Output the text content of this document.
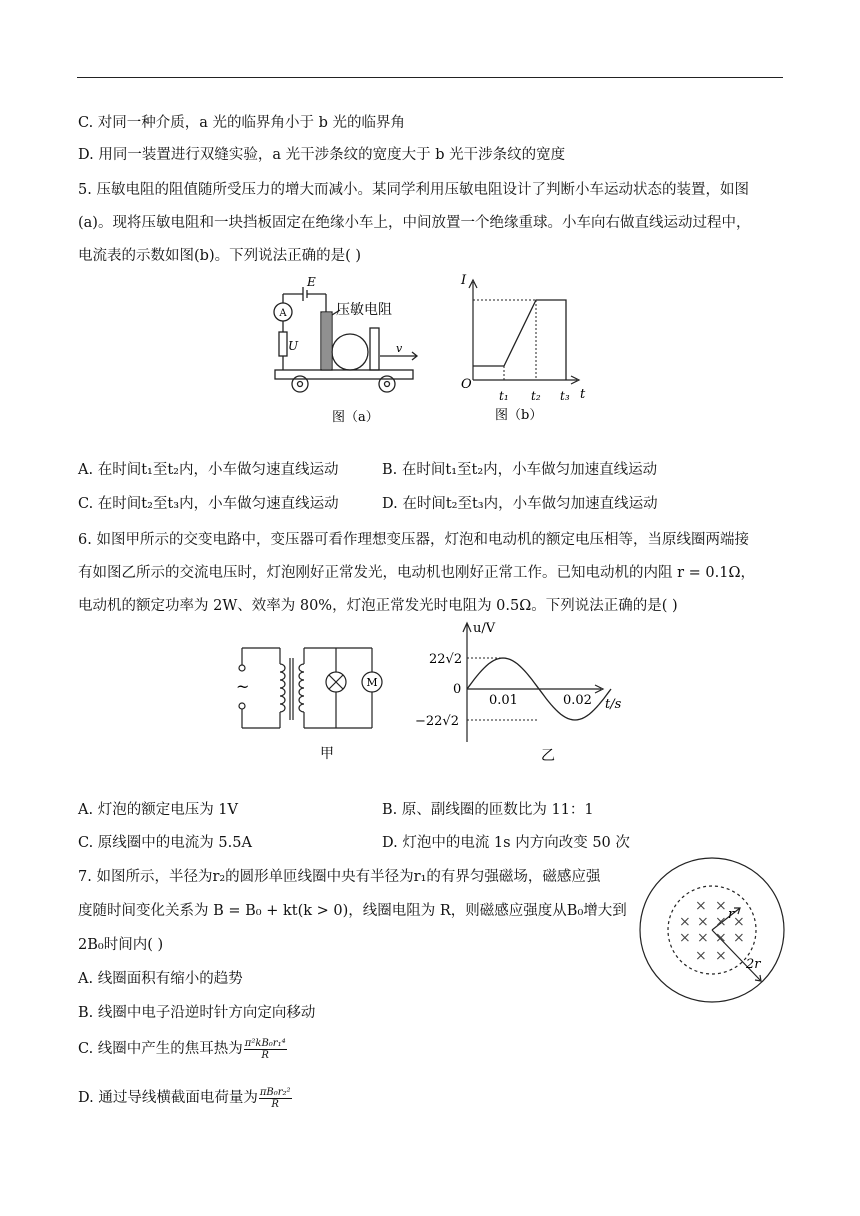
C. 对同一种介质，a 光的临界角小于 b 光的临界角
D. 用同一装置进行双缝实验，a 光干涉条纹的宽度大于 b 光干涉条纹的宽度
5. 压敏电阻的阻值随所受压力的增大而减小。某同学利用压敏电阻设计了判断小车运动状态的装置，如图
(a)。现将压敏电阻和一块挡板固定在绝缘小车上，中间放置一个绝缘重球。小车向右做直线运动过程中，
电流表的示数如图(b)。下列说法正确的是( )
A
E
U
压敏电阻
v
图（a）
I
O
t₁ t₂ t₃ t
图（b）
A. 在时间t₁至t₂内，小车做匀速直线运动	B. 在时间t₁至t₂内，小车做匀加速直线运动
C. 在时间t₂至t₃内，小车做匀速直线运动	D. 在时间t₂至t₃内，小车做匀加速直线运动
6. 如图甲所示的交变电路中，变压器可看作理想变压器，灯泡和电动机的额定电压相等，当原线圈两端接
有如图乙所示的交流电压时，灯泡刚好正常发光，电动机也刚好正常工作。已知电动机的内阻 r = 0.1Ω，
电动机的额定功率为 2W、效率为 80%，灯泡正常发光时电阻为 0.5Ω。下列说法正确的是( )
~	M
甲
u/V
22√2
0
−22√2
0.01	0.02 t/s
乙
A. 灯泡的额定电压为 1V	B. 原、副线圈的匝数比为 11：1
C. 原线圈中的电流为 5.5A	D. 灯泡中的电流 1s 内方向改变 50 次
7. 如图所示，半径为r₂的圆形单匝线圈中央有半径为r₁的有界匀强磁场，磁感应强
度随时间变化关系为 B = B₀ + kt(k > 0)，线圈电阻为 R，则磁感应强度从B₀增大到
2B₀时间内( )
× ×
× × × ×
× × × ×
× ×
r
2r
A. 线圈面积有缩小的趋势
B. 线圈中电子沿逆时针方向定向移动
C. 线圈中产生的焦耳热为 $\frac{\text{π²kB₀r₁⁴}}{R}$
D. 通过导线横截面电荷量为 $\frac{\text{πB₀r₂²}}{R}$
